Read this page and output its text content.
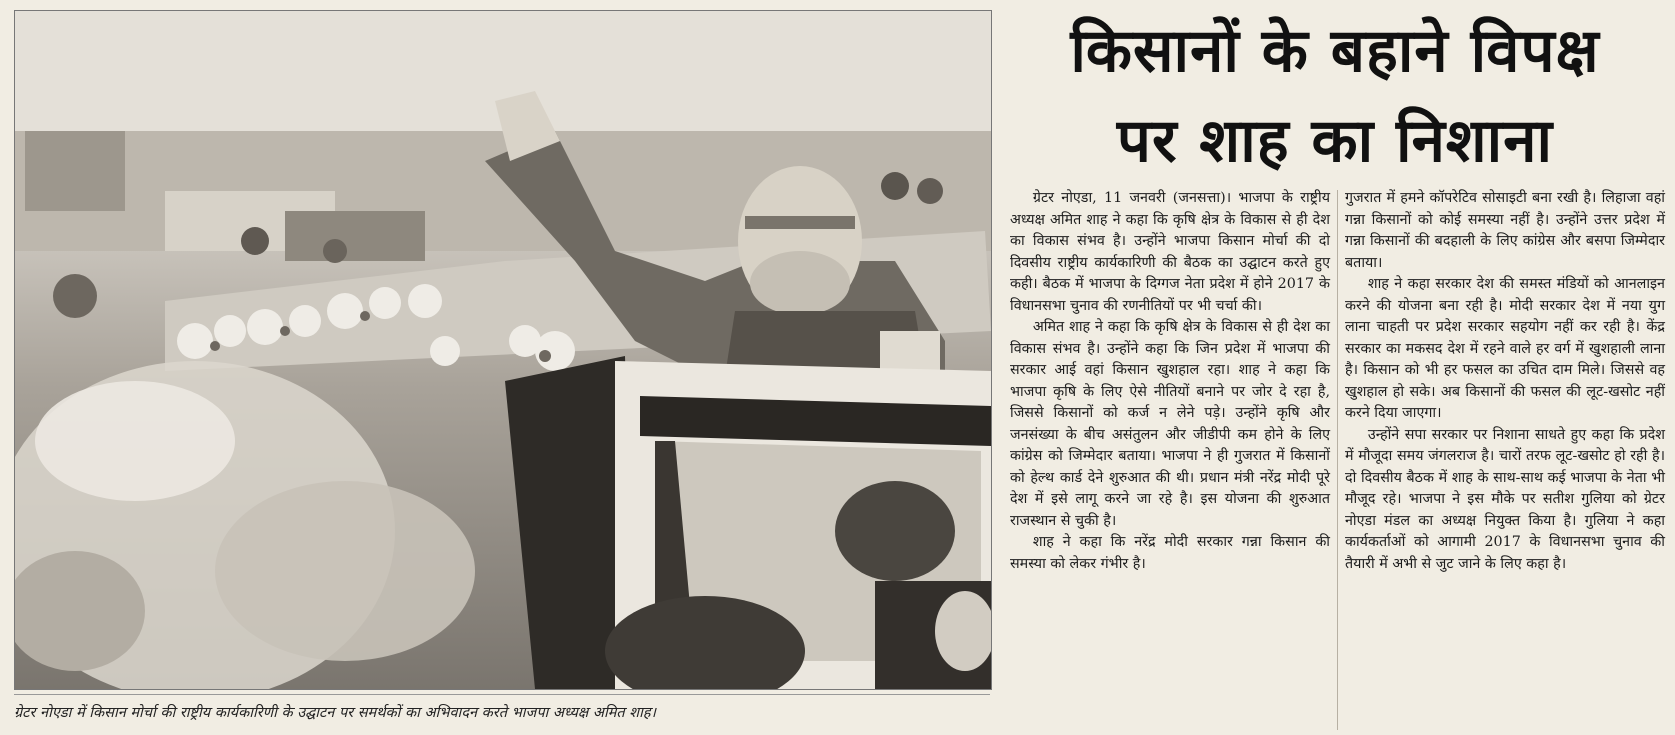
ग्रेटर नोएडा में किसान मोर्चा की राष्ट्रीय कार्यकारिणी के उद्घाटन पर समर्थकों का अभिवादन करते भाजपा अध्यक्ष अमित शाह।
किसानों के बहाने विपक्ष
पर शाह का निशाना

ग्रेटर नोएडा, 11 जनवरी (जनसत्ता)। भाजपा के राष्ट्रीय अध्यक्ष अमित शाह ने कहा कि कृषि क्षेत्र के विकास से ही देश का विकास संभव है। उन्होंने भाजपा किसान मोर्चा की दो दिवसीय राष्ट्रीय कार्यकारिणी की बैठक का उद्घाटन करते हुए कही। बैठक में भाजपा के दिग्गज नेता प्रदेश में होने 2017 के विधानसभा चुनाव की रणनीतियों पर भी चर्चा की।

अमित शाह ने कहा कि कृषि क्षेत्र के विकास से ही देश का विकास संभव है। उन्होंने कहा कि जिन प्रदेश में भाजपा की सरकार आई वहां किसान खुशहाल रहा। शाह ने कहा कि भाजपा कृषि के लिए ऐसे नीतियों बनाने पर जोर दे रहा है, जिससे किसानों को कर्ज न लेने पड़े। उन्होंने कृषि और जनसंख्या के बीच असंतुलन और जीडीपी कम होने के लिए कांग्रेस को जिम्मेदार बताया। भाजपा ने ही गुजरात में किसानों को हेल्थ कार्ड देने शुरुआत की थी। प्रधान मंत्री नरेंद्र मोदी पूरे देश में इसे लागू करने जा रहे है। इस योजना की शुरुआत राजस्थान से चुकी है।

शाह ने कहा कि नरेंद्र मोदी सरकार गन्ना किसान की समस्या को लेकर गंभीर है।

गुजरात में हमने कॉपरेटिव सोसाइटी बना रखी है। लिहाजा वहां गन्ना किसानों को कोई समस्या नहीं है। उन्होंने उत्तर प्रदेश में गन्ना किसानों की बदहाली के लिए कांग्रेस और बसपा जिम्मेदार बताया।

शाह ने कहा सरकार देश की समस्त मंडियों को आनलाइन करने की योजना बना रही है। मोदी सरकार देश में नया युग लाना चाहती पर प्रदेश सरकार सहयोग नहीं कर रही है। केंद्र सरकार का मकसद देश में रहने वाले हर वर्ग में खुशहाली लाना है। किसान को भी हर फसल का उचित दाम मिले। जिससे वह खुशहाल हो सके। अब किसानों की फसल की लूट-खसोट नहीं करने दिया जाएगा।

उन्होंने सपा सरकार पर निशाना साधते हुए कहा कि प्रदेश में मौजूदा समय जंगलराज है। चारों तरफ लूट-खसोट हो रही है। दो दिवसीय बैठक में शाह के साथ-साथ कई भाजपा के नेता भी मौजूद रहे। भाजपा ने इस मौके पर सतीश गुलिया को ग्रेटर नोएडा मंडल का अध्यक्ष नियुक्त किया है। गुलिया ने कहा कार्यकर्ताओं को आगामी 2017 के विधानसभा चुनाव की तैयारी में अभी से जुट जाने के लिए कहा है।
